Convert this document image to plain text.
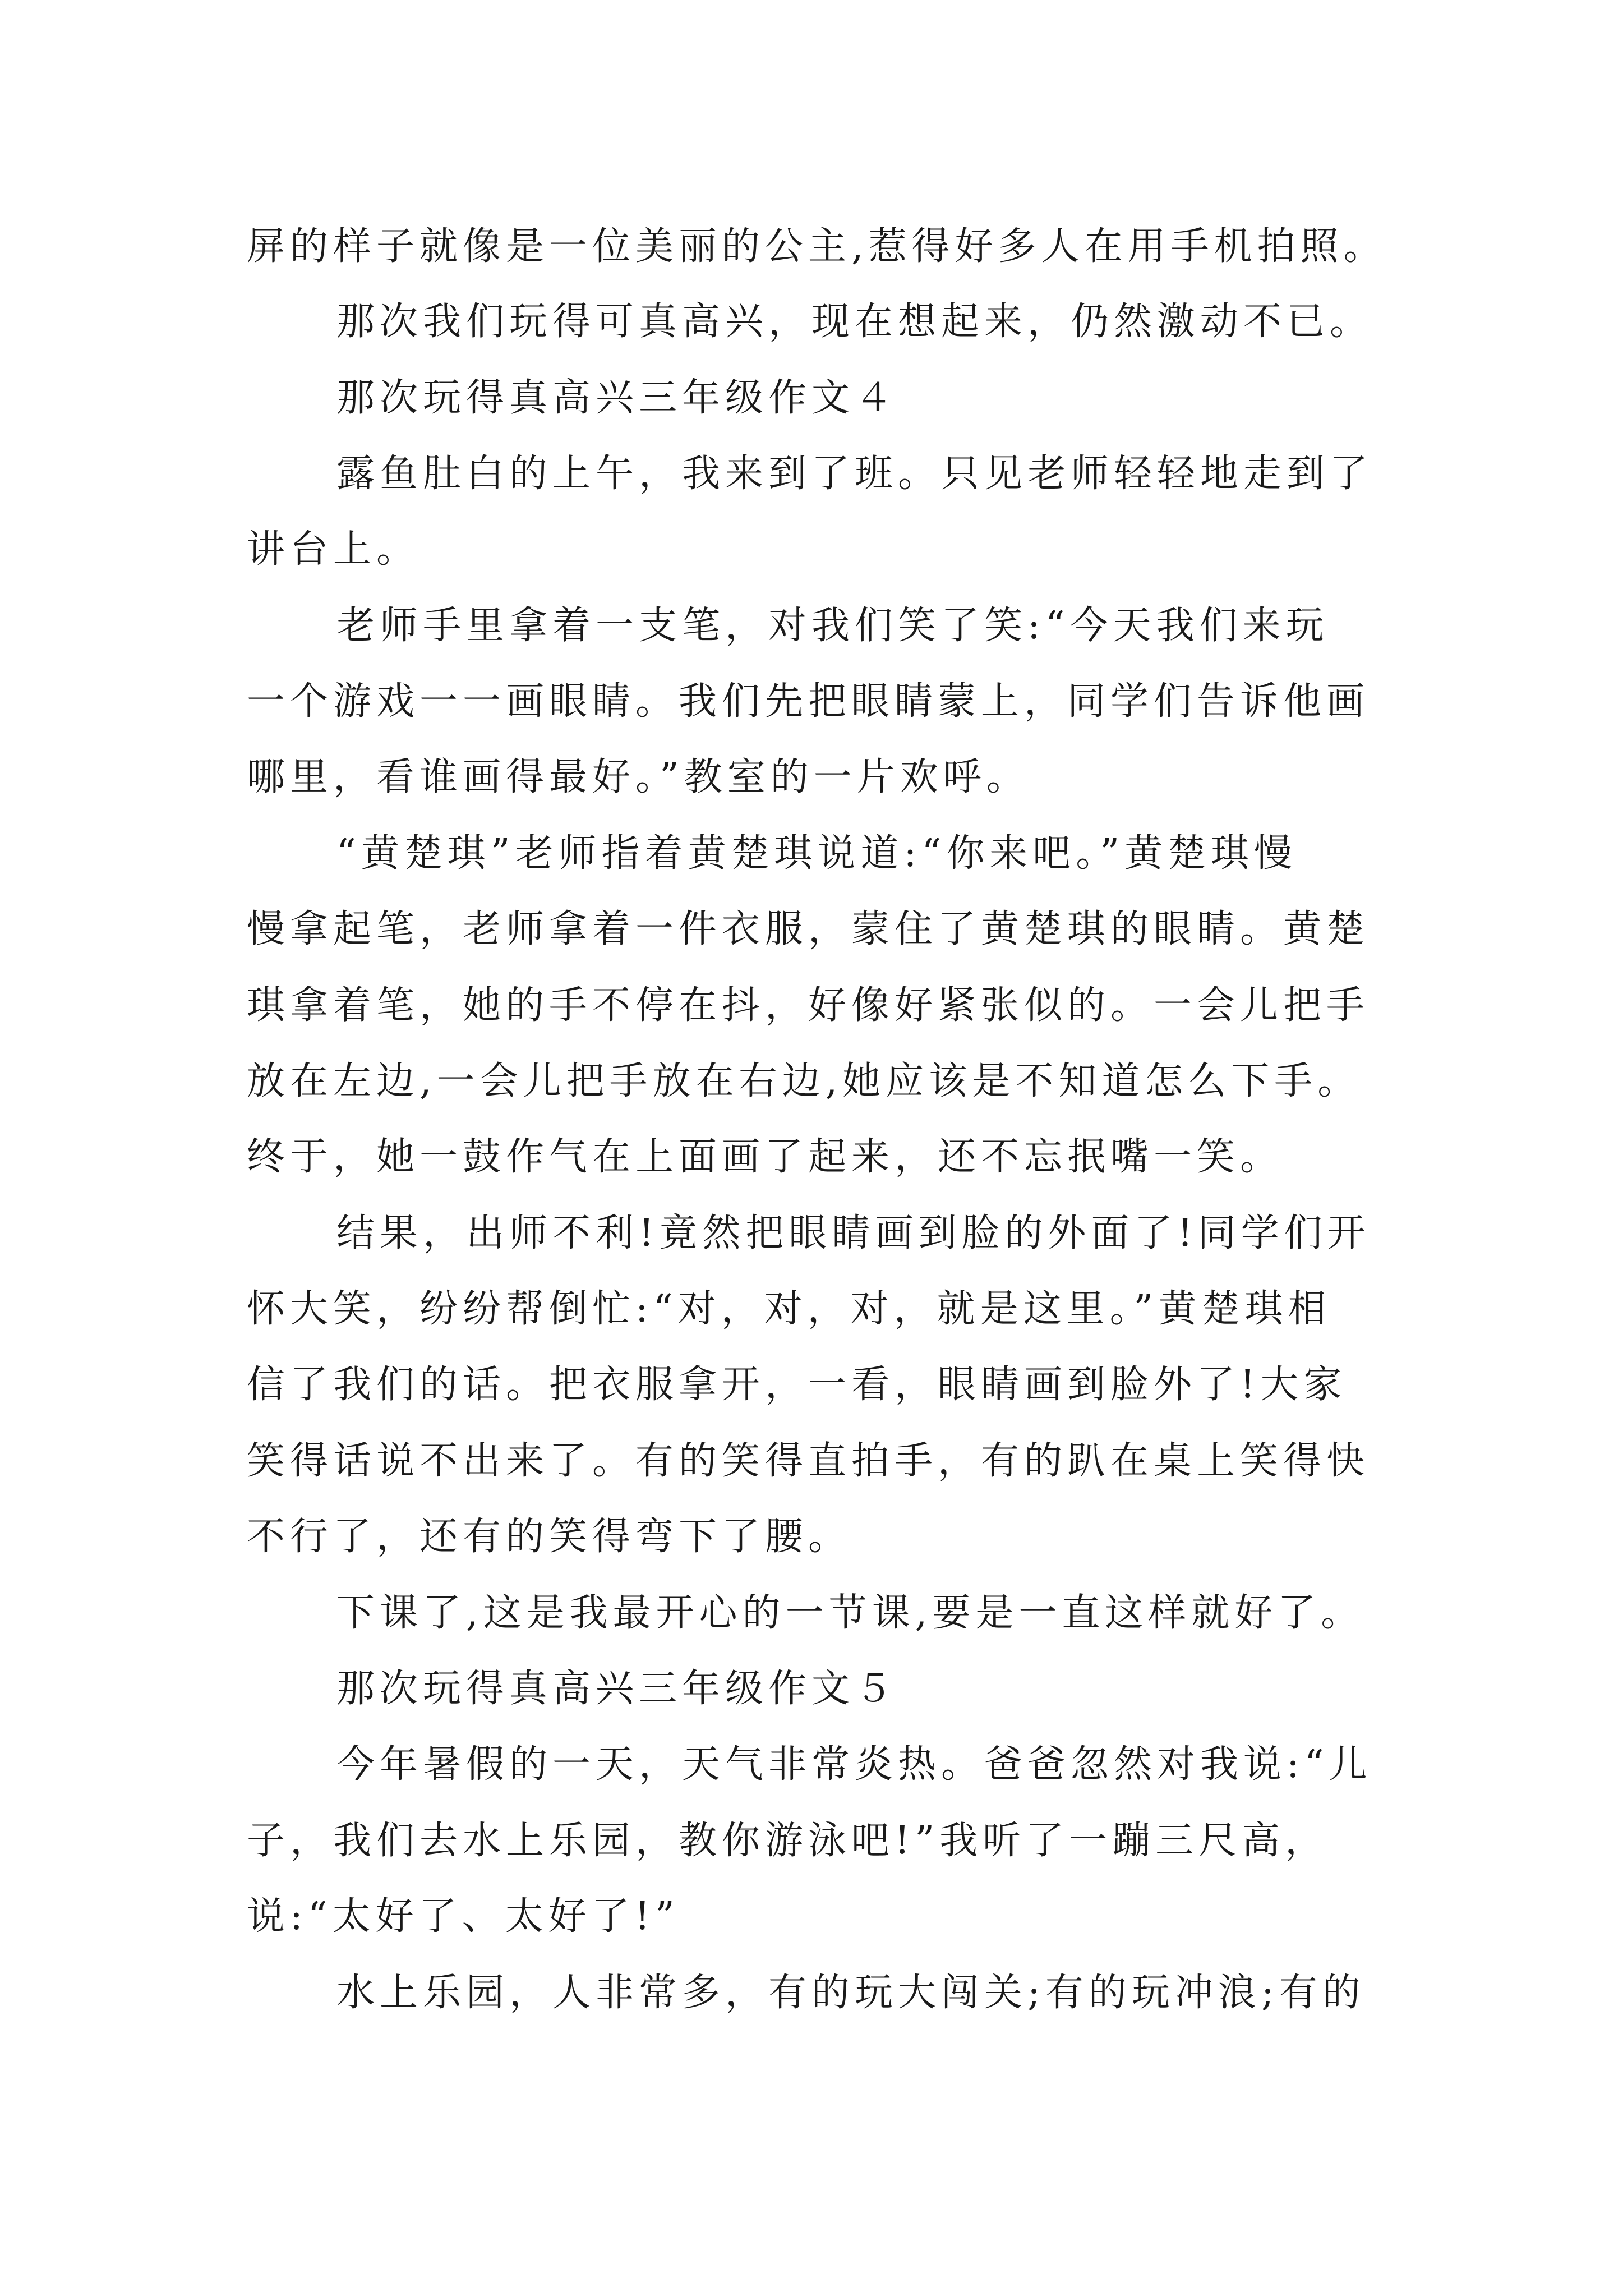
屏的样子就像是一位美丽的公主,惹得好多人在用手机拍照。

那次我们玩得可真高兴，现在想起来，仍然激动不已。

那次玩得真高兴三年级作文４

露鱼肚白的上午，我来到了班。只见老师轻轻地走到了

讲台上。

老师手里拿着一支笔，对我们笑了笑:“今天我们来玩

一个游戏一一画眼睛。我们先把眼睛蒙上，同学们告诉他画

哪里，看谁画得最好。”教室的一片欢呼。

“黄楚琪”老师指着黄楚琪说道:“你来吧。”黄楚琪慢

慢拿起笔，老师拿着一件衣服，蒙住了黄楚琪的眼睛。黄楚

琪拿着笔，她的手不停在抖，好像好紧张似的。一会儿把手

放在左边,一会儿把手放在右边,她应该是不知道怎么下手。

终于，她一鼓作气在上面画了起来，还不忘抿嘴一笑。

结果，出师不利!竟然把眼睛画到脸的外面了!同学们开

怀大笑，纷纷帮倒忙:“对，对，对，就是这里。”黄楚琪相

信了我们的话。把衣服拿开，一看，眼睛画到脸外了!大家

笑得话说不出来了。有的笑得直拍手，有的趴在桌上笑得快

不行了，还有的笑得弯下了腰。

下课了,这是我最开心的一节课,要是一直这样就好了。

那次玩得真高兴三年级作文５

今年暑假的一天，天气非常炎热。爸爸忽然对我说:“儿

子，我们去水上乐园，教你游泳吧!”我听了一蹦三尺高，

说:“太好了、太好了!”

水上乐园，人非常多，有的玩大闯关;有的玩冲浪;有的
